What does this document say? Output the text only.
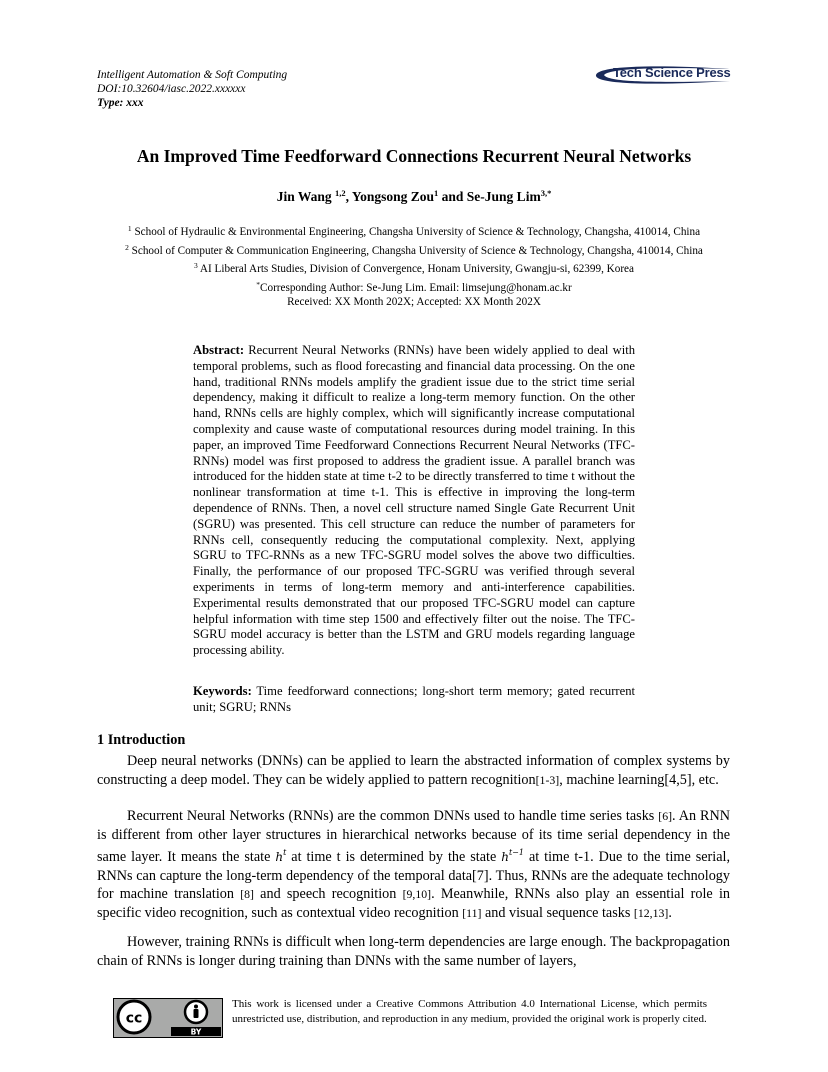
Intelligent Automation & Soft Computing
DOI:10.32604/iasc.2022.xxxxxx
Type: xxx
Tech Science Press
An Improved Time Feedforward Connections Recurrent Neural Networks
Jin Wang $^{1,2}$, Yongsong Zou$^1$ and Se-Jung Lim$^{3,*}$
$^1$ School of Hydraulic & Environmental Engineering, Changsha University of Science & Technology, Changsha, 410014, China
$^2$ School of Computer & Communication Engineering, Changsha University of Science & Technology, Changsha, 410014, China
$^3$ AI Liberal Arts Studies, Division of Convergence, Honam University, Gwangju-si, 62399, Korea
*Corresponding Author: Se-Jung Lim. Email: limsejung@honam.ac.kr
Received: XX Month 202X; Accepted: XX Month 202X
Abstract: Recurrent Neural Networks (RNNs) have been widely applied to deal with temporal problems, such as flood forecasting and financial data processing. On the one hand, traditional RNNs models amplify the gradient issue due to the strict time serial dependency, making it difficult to realize a long-term memory function. On the other hand, RNNs cells are highly complex, which will significantly increase computational complexity and cause waste of computational resources during model training. In this paper, an improved Time Feedforward Connections Recurrent Neural Networks (TFC-RNNs) model was first proposed to address the gradient issue. A parallel branch was introduced for the hidden state at time t-2 to be directly transferred to time t without the nonlinear transformation at time t-1. This is effective in improving the long-term dependence of RNNs. Then, a novel cell structure named Single Gate Recurrent Unit (SGRU) was presented. This cell structure can reduce the number of parameters for RNNs cell, consequently reducing the computational complexity. Next, applying SGRU to TFC-RNNs as a new TFC-SGRU model solves the above two difficulties. Finally, the performance of our proposed TFC-SGRU was verified through several experiments in terms of long-term memory and anti-interference capabilities. Experimental results demonstrated that our proposed TFC-SGRU model can capture helpful information with time step 1500 and effectively filter out the noise. The TFC-SGRU model accuracy is better than the LSTM and GRU models regarding language processing ability.
Keywords: Time feedforward connections; long-short term memory; gated recurrent unit; SGRU; RNNs
1 Introduction

Deep neural networks (DNNs) can be applied to learn the abstracted information of complex systems by constructing a deep model. They can be widely applied to pattern recognition[1-3], machine learning[4,5], etc.

Recurrent Neural Networks (RNNs) are the common DNNs used to handle time series tasks [6]. An RNN is different from other layer structures in hierarchical networks because of its time serial dependency in the same layer. It means the state $h^t$ at time t is determined by the state $h^{t-1}$ at time t-1. Due to the time serial, RNNs can capture the long-term dependency of the temporal data[7]. Thus, RNNs are the adequate technology for machine translation [8] and speech recognition [9,10]. Meanwhile, RNNs also play an essential role in specific video recognition, such as contextual video recognition [11] and visual sequence tasks [12,13].

However, training RNNs is difficult when long-term dependencies are large enough. The backpropagation chain of RNNs is longer during training than DNNs with the same number of layers,

cc
BY
This work is licensed under a Creative Commons Attribution 4.0 International License, which permits unrestricted use, distribution, and reproduction in any medium, provided the original work is properly cited.
